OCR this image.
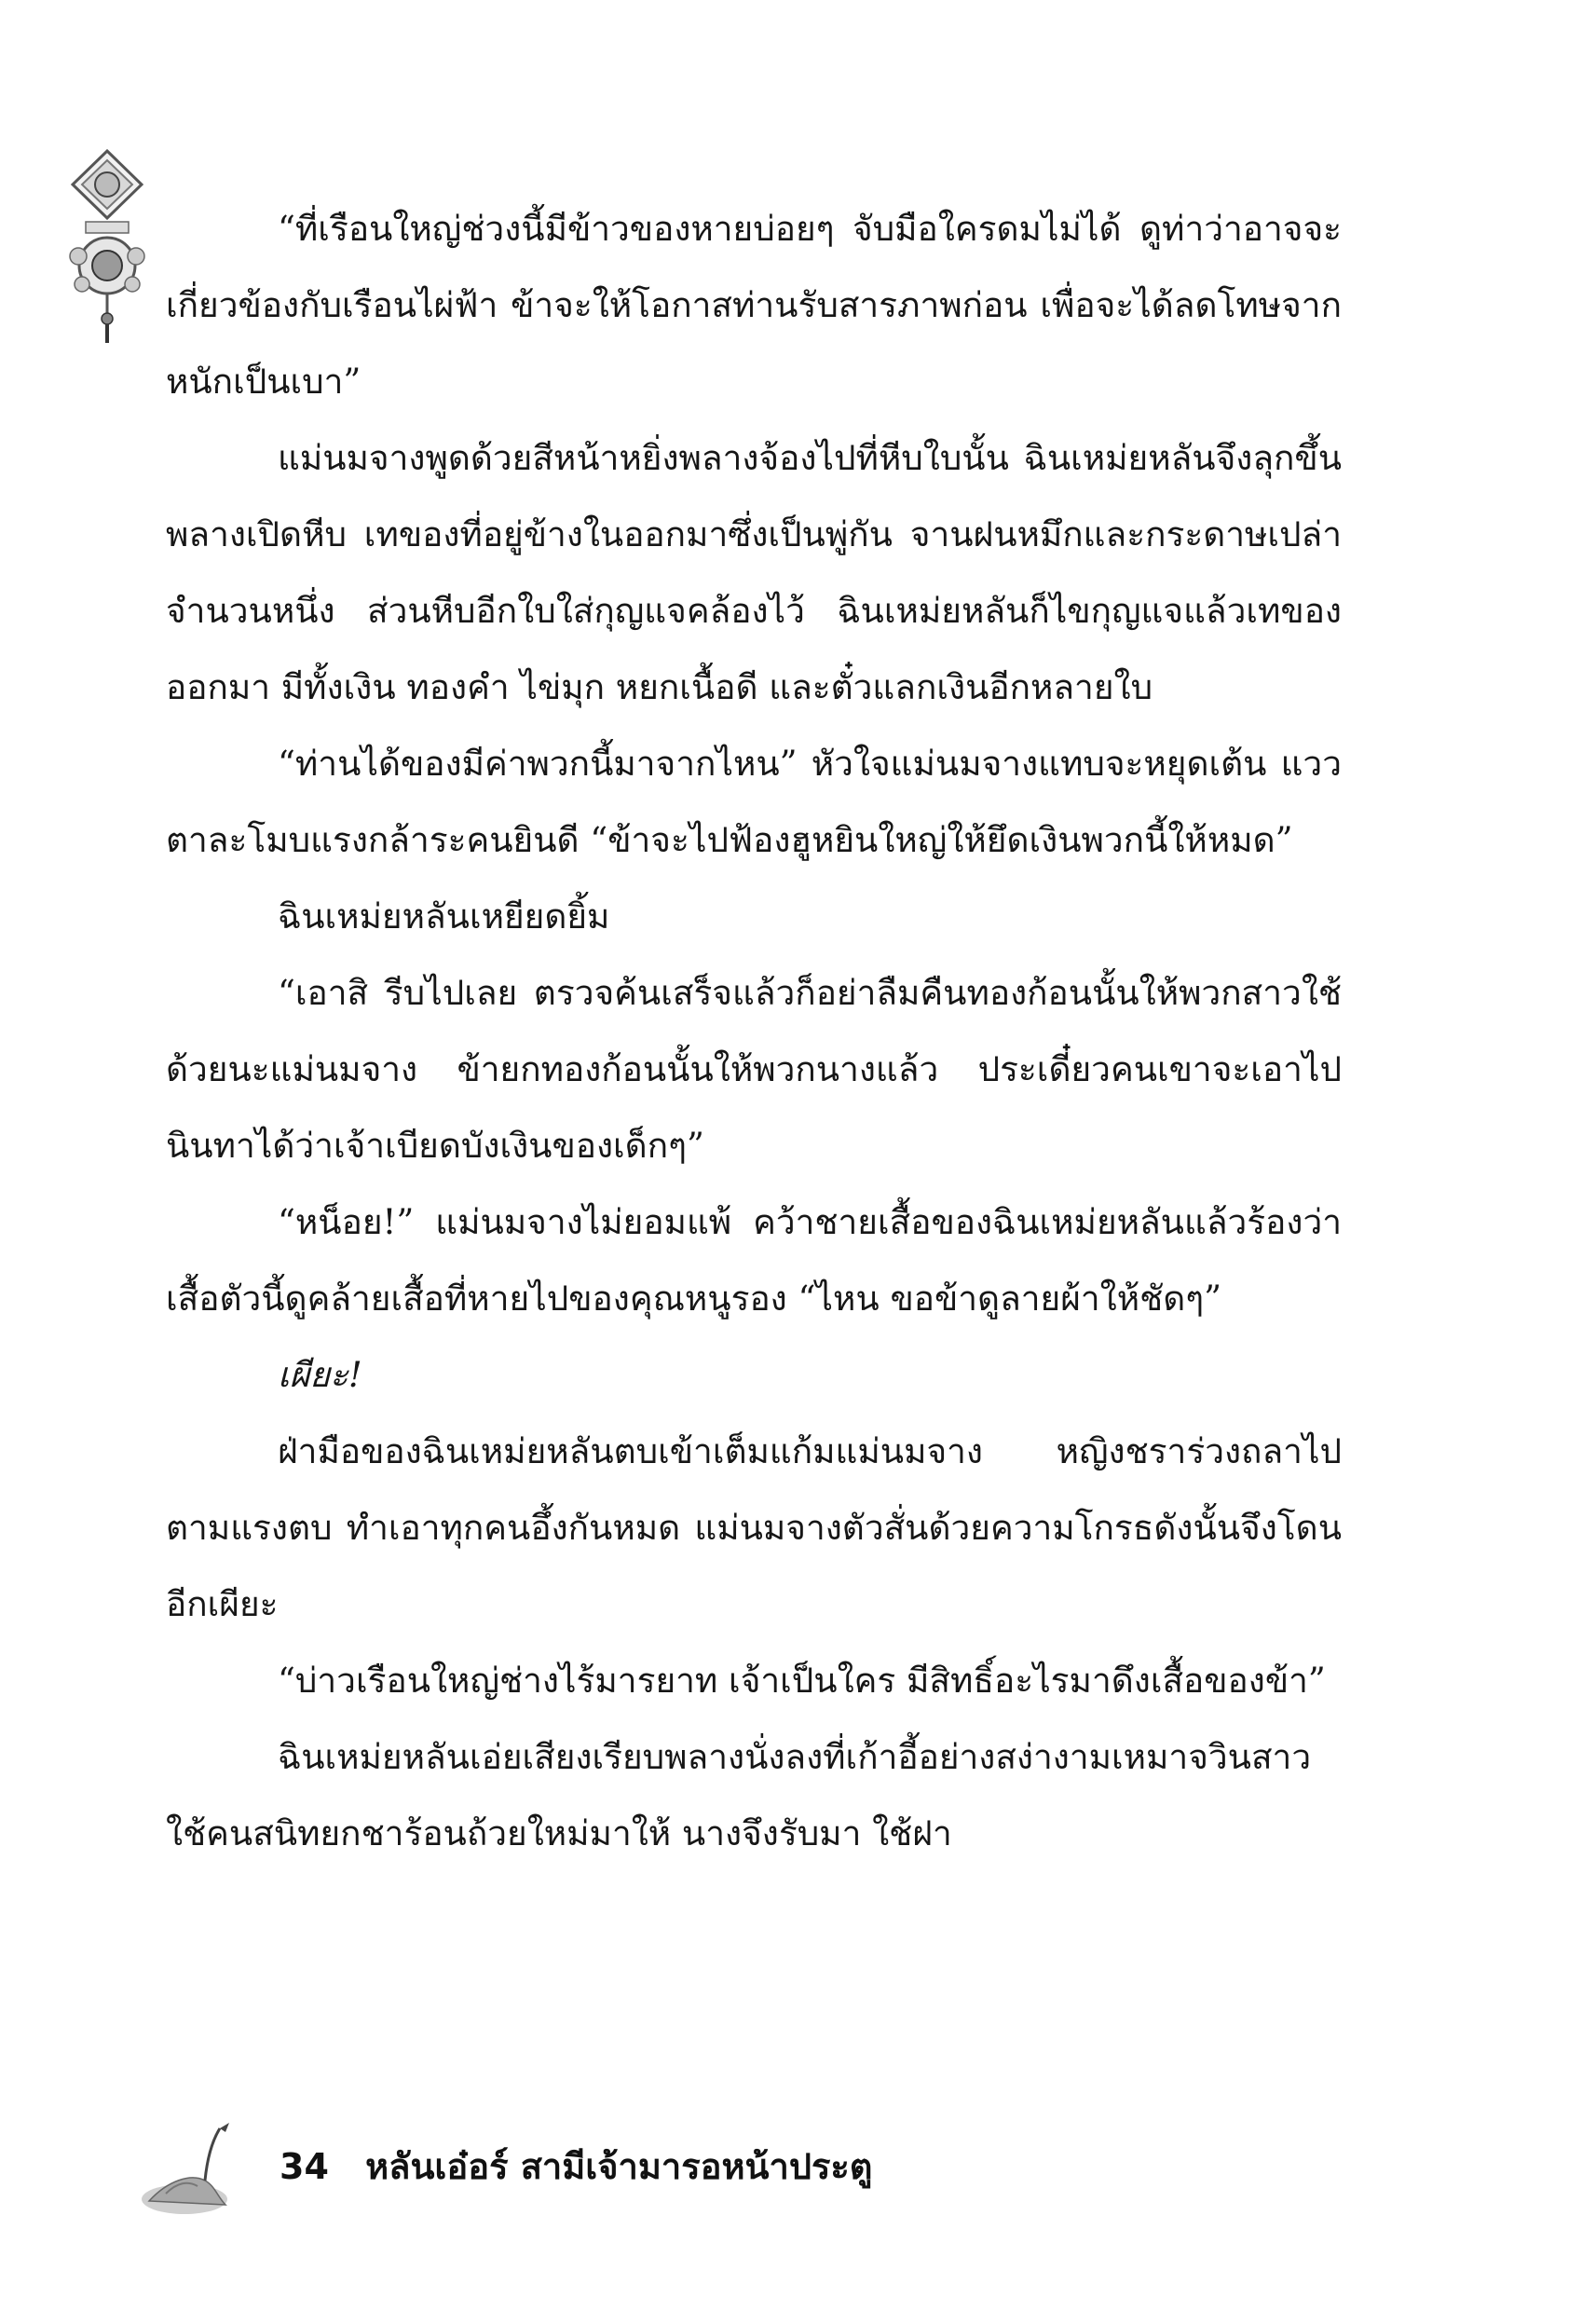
“ที่เรือนใหญ่ช่วงนี้มีข้าวของหายบ่อยๆ จับมือใครดมไม่ได้ ดูท่าว่าอาจจะเกี่ยวข้องกับเรือนไผ่ฟ้า ข้าจะให้โอกาสท่านรับสารภาพก่อน เพื่อจะได้ลดโทษจากหนักเป็นเบา”

แม่นมจางพูดด้วยสีหน้าหยิ่งพลางจ้องไปที่หีบใบนั้น ฉินเหม่ยหลันจึงลุกขึ้นพลางเปิดหีบ เทของที่อยู่ข้างในออกมาซึ่งเป็นพู่กัน จานฝนหมึกและกระดาษเปล่าจำนวนหนึ่ง ส่วนหีบอีกใบใส่กุญแจคล้องไว้ ฉินเหม่ยหลันก็ไขกุญแจแล้วเทของออกมา มีทั้งเงิน ทองคำ ไข่มุก หยกเนื้อดี และตั๋วแลกเงินอีกหลายใบ

“ท่านได้ของมีค่าพวกนี้มาจากไหน” หัวใจแม่นมจางแทบจะหยุดเต้น แววตาละโมบแรงกล้าระคนยินดี “ข้าจะไปฟ้องฮูหยินใหญ่ให้ยึดเงินพวกนี้ให้หมด”

ฉินเหม่ยหลันเหยียดยิ้ม

“เอาสิ รีบไปเลย ตรวจค้นเสร็จแล้วก็อย่าลืมคืนทองก้อนนั้นให้พวกสาวใช้ด้วยนะแม่นมจาง ข้ายกทองก้อนนั้นให้พวกนางแล้ว ประเดี๋ยวคนเขาจะเอาไปนินทาได้ว่าเจ้าเบียดบังเงินของเด็กๆ”

“หน็อย!” แม่นมจางไม่ยอมแพ้ คว้าชายเสื้อของฉินเหม่ยหลันแล้วร้องว่าเสื้อตัวนี้ดูคล้ายเสื้อที่หายไปของคุณหนูรอง “ไหน ขอข้าดูลายผ้าให้ชัดๆ”

เผียะ!

ฝ่ามือของฉินเหม่ยหลันตบเข้าเต็มแก้มแม่นมจาง หญิงชราร่วงถลาไปตามแรงตบ ทำเอาทุกคนอึ้งกันหมด แม่นมจางตัวสั่นด้วยความโกรธดังนั้นจึงโดนอีกเผียะ

“บ่าวเรือนใหญ่ช่างไร้มารยาท เจ้าเป็นใคร มีสิทธิ์อะไรมาดึงเสื้อของข้า”

ฉินเหม่ยหลันเอ่ยเสียงเรียบพลางนั่งลงที่เก้าอี้อย่างสง่างามเหมาจวินสาวใช้คนสนิทยกชาร้อนถ้วยใหม่มาให้ นางจึงรับมา ใช้ฝา

34 หลันเอ๋อร์ สามีเจ้ามารอหน้าประตู
